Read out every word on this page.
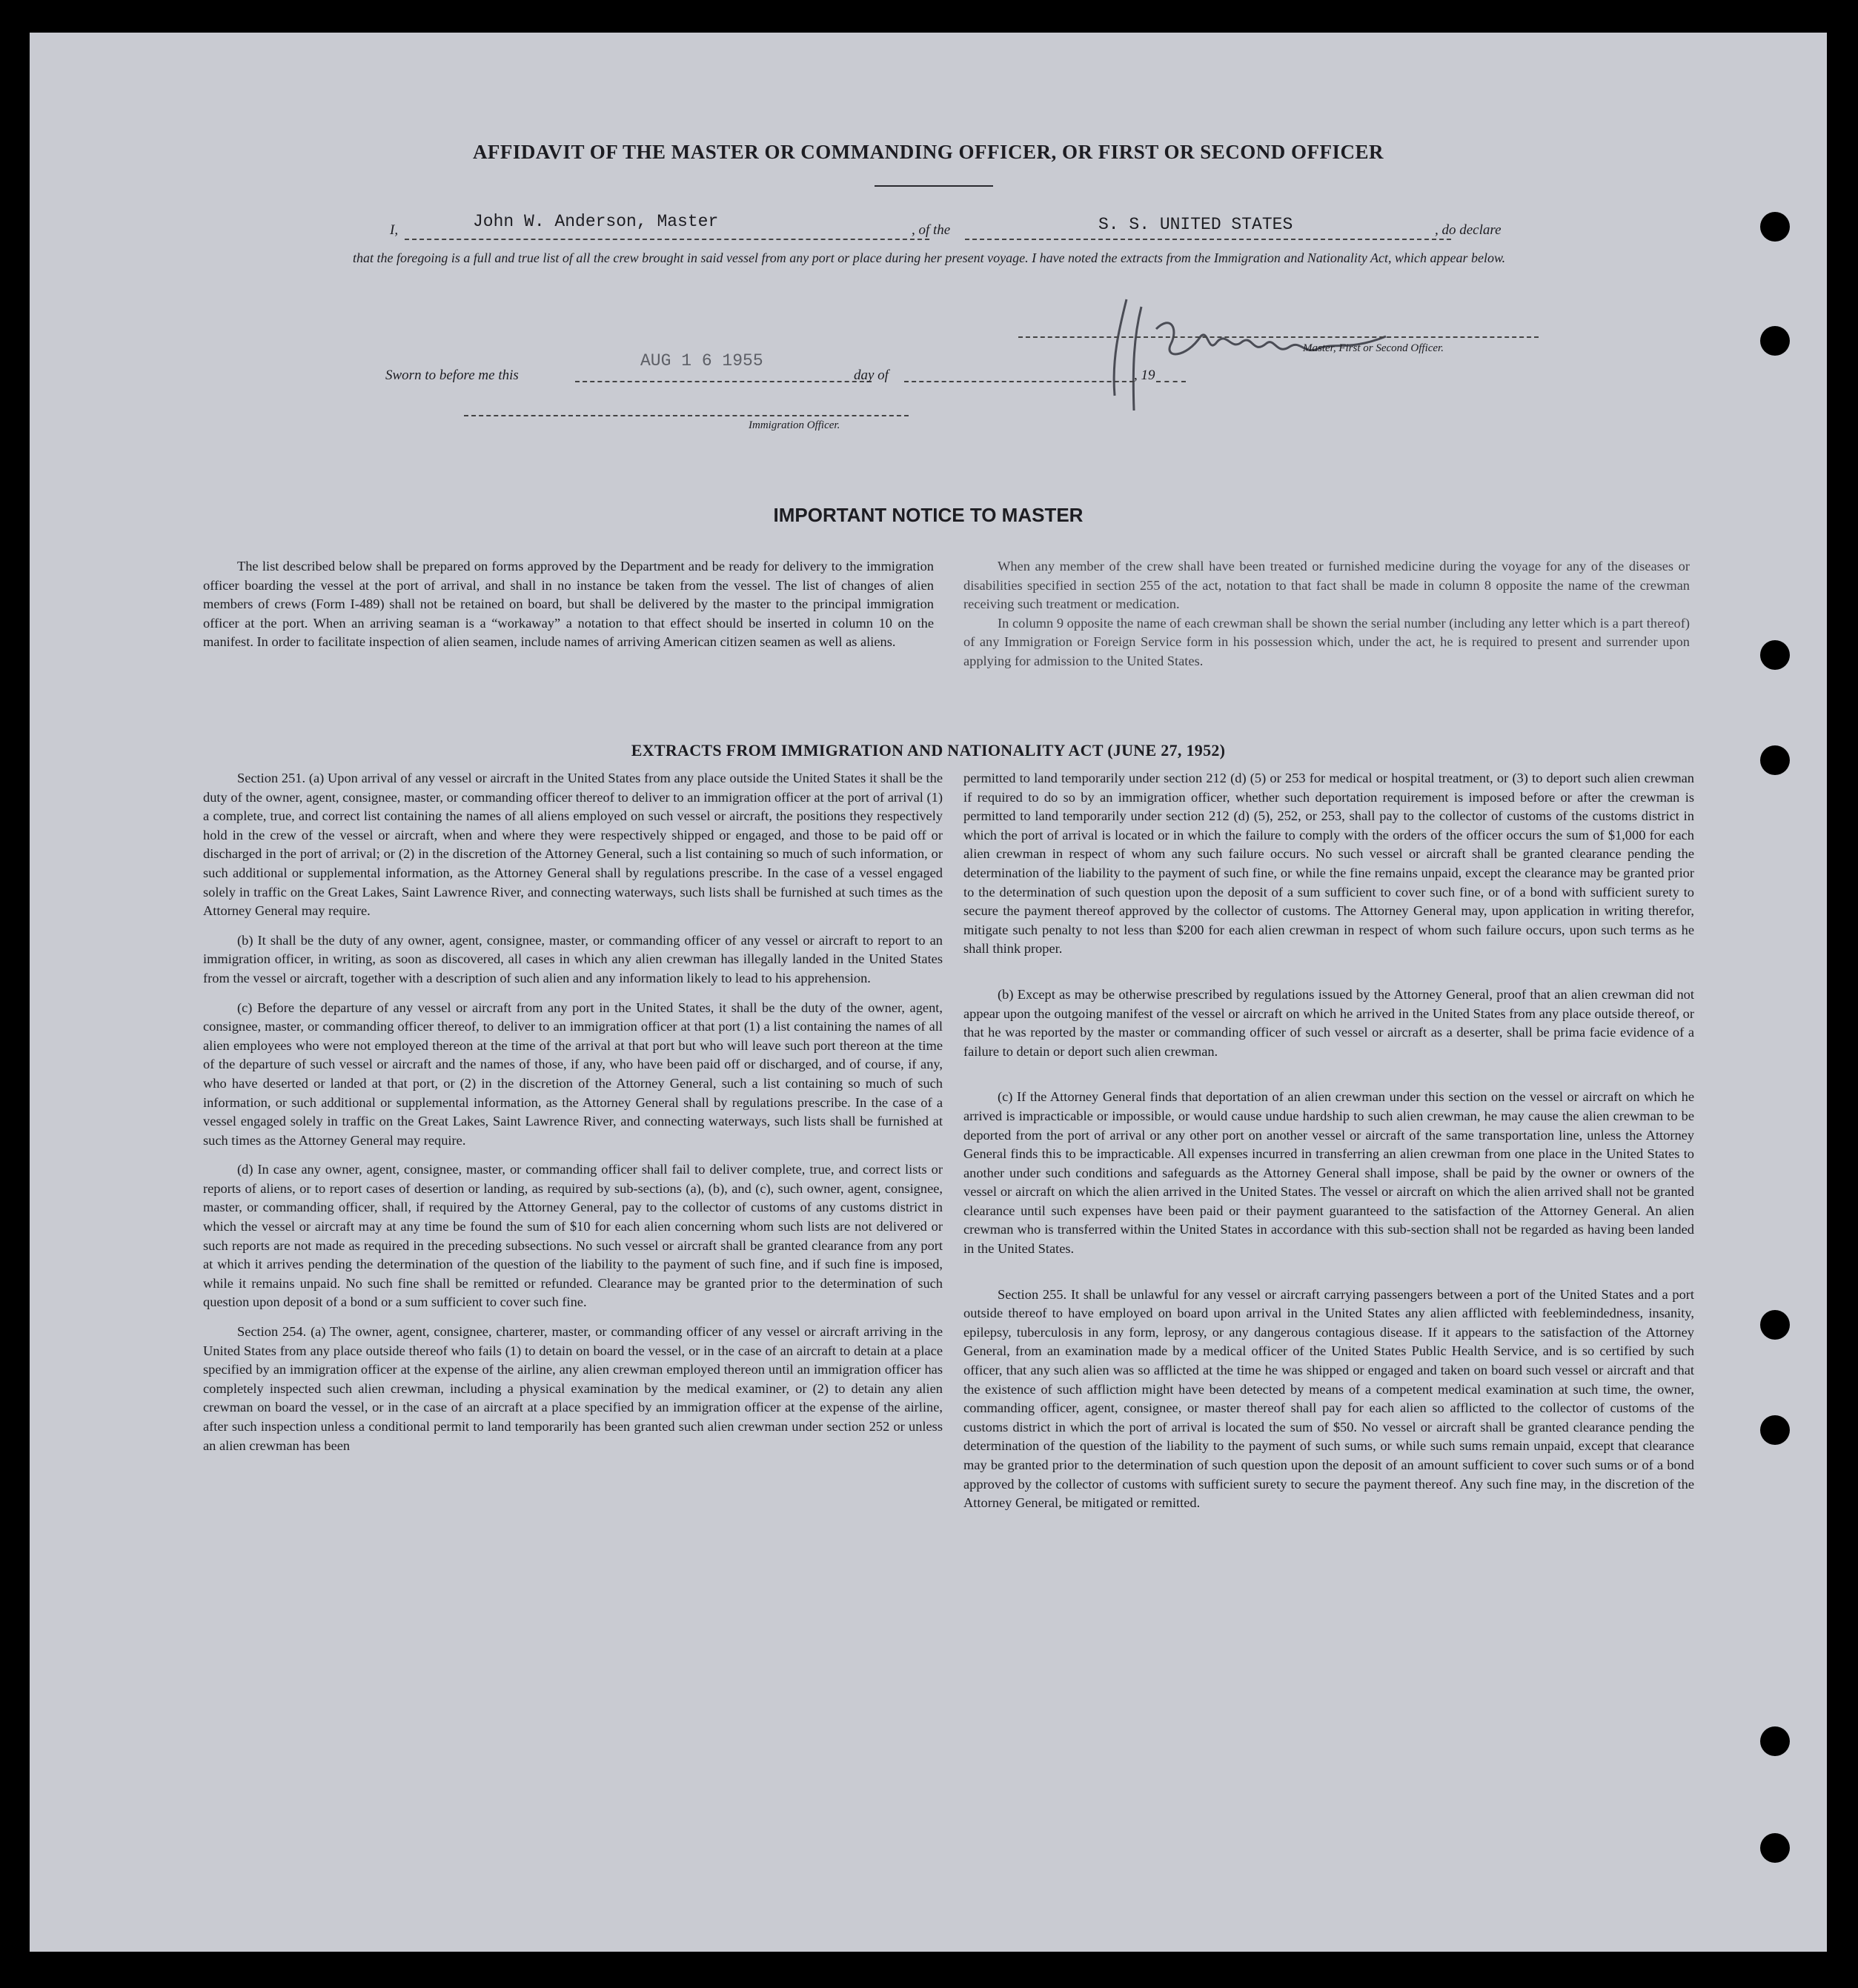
AFFIDAVIT OF THE MASTER OR COMMANDING OFFICER, OR FIRST OR SECOND OFFICER
I,	John W. Anderson, Master	, of the	S. S. UNITED STATES	, do declare
that the foregoing is a full and true list of all the crew brought in said vessel from any port or place during her present voyage. I have noted the extracts from the Immigration and Nationality Act, which appear below.
Master, First or Second Officer.
Sworn to before me this
AUG 1 6 1955
day of	, 19
Immigration Officer.
IMPORTANT NOTICE TO MASTER

The list described below shall be prepared on forms approved by the Department and be ready for delivery to the immigration officer boarding the vessel at the port of arrival, and shall in no instance be taken from the vessel. The list of changes of alien members of crews (Form I-489) shall not be retained on board, but shall be delivered by the master to the principal immigration officer at the port. When an arriving seaman is a “workaway” a notation to that effect should be inserted in column 10 on the manifest. In order to facilitate inspection of alien seamen, include names of arriving American citizen seamen as well as aliens.

When any member of the crew shall have been treated or furnished medicine during the voyage for any of the diseases or disabilities specified in section 255 of the act, notation to that fact shall be made in column 8 opposite the name of the crewman receiving such treatment or medication.

In column 9 opposite the name of each crewman shall be shown the serial number (including any letter which is a part thereof) of any Immigration or Foreign Service form in his possession which, under the act, he is required to present and surrender upon applying for admission to the United States.

EXTRACTS FROM IMMIGRATION AND NATIONALITY ACT (JUNE 27, 1952)

Section 251. (a) Upon arrival of any vessel or aircraft in the United States from any place outside the United States it shall be the duty of the owner, agent, consignee, master, or commanding officer thereof to deliver to an immigration officer at the port of arrival (1) a complete, true, and correct list containing the names of all aliens employed on such vessel or aircraft, the positions they respectively hold in the crew of the vessel or aircraft, when and where they were respectively shipped or engaged, and those to be paid off or discharged in the port of arrival; or (2) in the discretion of the Attorney General, such a list containing so much of such information, or such additional or supplemental information, as the Attorney General shall by regulations prescribe. In the case of a vessel engaged solely in traffic on the Great Lakes, Saint Lawrence River, and connecting waterways, such lists shall be furnished at such times as the Attorney General may require.

(b) It shall be the duty of any owner, agent, consignee, master, or commanding officer of any vessel or aircraft to report to an immigration officer, in writing, as soon as discovered, all cases in which any alien crewman has illegally landed in the United States from the vessel or aircraft, together with a description of such alien and any information likely to lead to his apprehension.

(c) Before the departure of any vessel or aircraft from any port in the United States, it shall be the duty of the owner, agent, consignee, master, or commanding officer thereof, to deliver to an immigration officer at that port (1) a list containing the names of all alien employees who were not employed thereon at the time of the arrival at that port but who will leave such port thereon at the time of the departure of such vessel or aircraft and the names of those, if any, who have been paid off or discharged, and of course, if any, who have deserted or landed at that port, or (2) in the discretion of the Attorney General, such a list containing so much of such information, or such additional or supplemental information, as the Attorney General shall by regulations prescribe. In the case of a vessel engaged solely in traffic on the Great Lakes, Saint Lawrence River, and connecting waterways, such lists shall be furnished at such times as the Attorney General may require.

(d) In case any owner, agent, consignee, master, or commanding officer shall fail to deliver complete, true, and correct lists or reports of aliens, or to report cases of desertion or landing, as required by sub-sections (a), (b), and (c), such owner, agent, consignee, master, or commanding officer, shall, if required by the Attorney General, pay to the collector of customs of any customs district in which the vessel or aircraft may at any time be found the sum of $10 for each alien concerning whom such lists are not delivered or such reports are not made as required in the preceding subsections. No such vessel or aircraft shall be granted clearance from any port at which it arrives pending the determination of the question of the liability to the payment of such fine, and if such fine is imposed, while it remains unpaid. No such fine shall be remitted or refunded. Clearance may be granted prior to the determination of such question upon deposit of a bond or a sum sufficient to cover such fine.

Section 254. (a) The owner, agent, consignee, charterer, master, or commanding officer of any vessel or aircraft arriving in the United States from any place outside thereof who fails (1) to detain on board the vessel, or in the case of an aircraft to detain at a place specified by an immigration officer at the expense of the airline, any alien crewman employed thereon until an immigration officer has completely inspected such alien crewman, including a physical examination by the medical examiner, or (2) to detain any alien crewman on board the vessel, or in the case of an aircraft at a place specified by an immigration officer at the expense of the airline, after such inspection unless a conditional permit to land temporarily has been granted such alien crewman under section 252 or unless an alien crewman has been

permitted to land temporarily under section 212 (d) (5) or 253 for medical or hospital treatment, or (3) to deport such alien crewman if required to do so by an immigration officer, whether such deportation requirement is imposed before or after the crewman is permitted to land temporarily under section 212 (d) (5), 252, or 253, shall pay to the collector of customs of the customs district in which the port of arrival is located or in which the failure to comply with the orders of the officer occurs the sum of $1,000 for each alien crewman in respect of whom any such failure occurs. No such vessel or aircraft shall be granted clearance pending the determination of the liability to the payment of such fine, or while the fine remains unpaid, except the clearance may be granted prior to the determination of such question upon the deposit of a sum sufficient to cover such fine, or of a bond with sufficient surety to secure the payment thereof approved by the collector of customs. The Attorney General may, upon application in writing therefor, mitigate such penalty to not less than $200 for each alien crewman in respect of whom such failure occurs, upon such terms as he shall think proper.

(b) Except as may be otherwise prescribed by regulations issued by the Attorney General, proof that an alien crewman did not appear upon the outgoing manifest of the vessel or aircraft on which he arrived in the United States from any place outside thereof, or that he was reported by the master or commanding officer of such vessel or aircraft as a deserter, shall be prima facie evidence of a failure to detain or deport such alien crewman.

(c) If the Attorney General finds that deportation of an alien crewman under this section on the vessel or aircraft on which he arrived is impracticable or impossible, or would cause undue hardship to such alien crewman, he may cause the alien crewman to be deported from the port of arrival or any other port on another vessel or aircraft of the same transportation line, unless the Attorney General finds this to be impracticable. All expenses incurred in transferring an alien crewman from one place in the United States to another under such conditions and safeguards as the Attorney General shall impose, shall be paid by the owner or owners of the vessel or aircraft on which the alien arrived in the United States. The vessel or aircraft on which the alien arrived shall not be granted clearance until such expenses have been paid or their payment guaranteed to the satisfaction of the Attorney General. An alien crewman who is transferred within the United States in accordance with this sub-section shall not be regarded as having been landed in the United States.

Section 255. It shall be unlawful for any vessel or aircraft carrying passengers between a port of the United States and a port outside thereof to have employed on board upon arrival in the United States any alien afflicted with feeblemindedness, insanity, epilepsy, tuberculosis in any form, leprosy, or any dangerous contagious disease. If it appears to the satisfaction of the Attorney General, from an examination made by a medical officer of the United States Public Health Service, and is so certified by such officer, that any such alien was so afflicted at the time he was shipped or engaged and taken on board such vessel or aircraft and that the existence of such affliction might have been detected by means of a competent medical examination at such time, the owner, commanding officer, agent, consignee, or master thereof shall pay for each alien so afflicted to the collector of customs of the customs district in which the port of arrival is located the sum of $50. No vessel or aircraft shall be granted clearance pending the determination of the question of the liability to the payment of such sums, or while such sums remain unpaid, except that clearance may be granted prior to the determination of such question upon the deposit of an amount sufficient to cover such sums or of a bond approved by the collector of customs with sufficient surety to secure the payment thereof. Any such fine may, in the discretion of the Attorney General, be mitigated or remitted.
